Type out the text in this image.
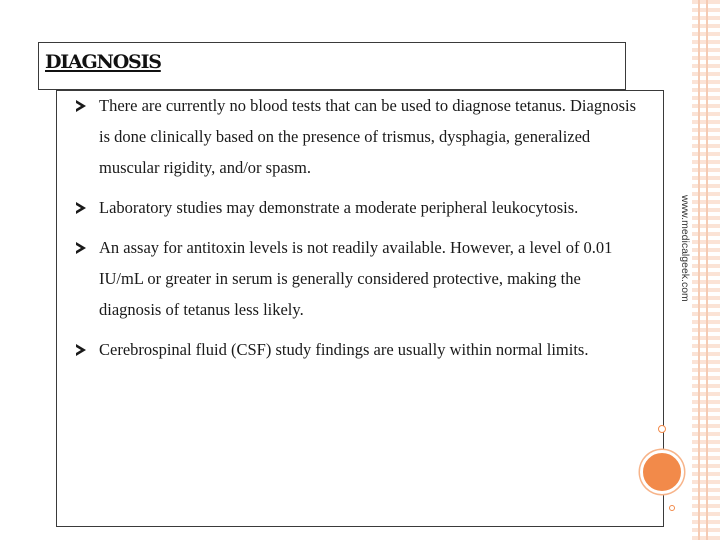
DIAGNOSIS
There are currently no blood tests that can be used to diagnose tetanus. Diagnosis is done clinically based on the presence of trismus, dysphagia, generalized muscular rigidity, and/or spasm.
Laboratory studies may demonstrate a moderate peripheral leukocytosis.
An assay for antitoxin levels is not readily available. However, a level of 0.01 IU/mL or greater in serum is generally considered protective, making the diagnosis of tetanus less likely.
Cerebrospinal fluid (CSF) study findings are usually within normal limits.
www.medicalgeek.com
